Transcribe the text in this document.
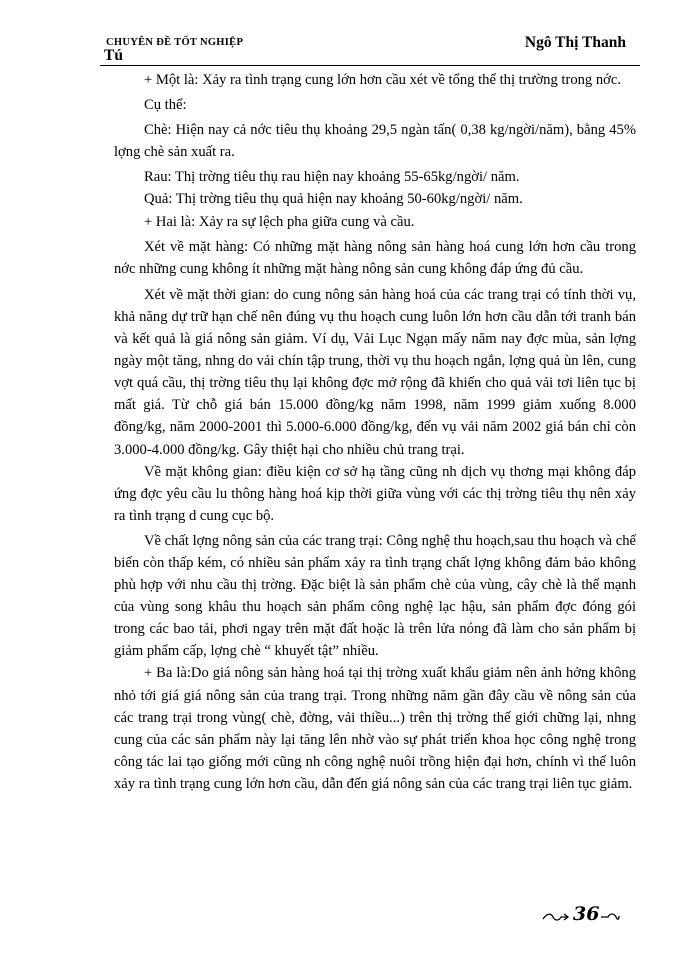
CHUYÊN ĐỀ TỐT NGHIỆP	Ngô Thị Thanh
Tú

+ Một là: Xảy ra tình trạng cung lớn hơn cầu xét về tổng thể thị trường trong nớc.

Cụ thể:

Chè: Hiện nay cả nớc tiêu thụ khoảng 29,5 ngàn tấn( 0,38 kg/ngời/năm), bằng 45% lợng chè sản xuất ra.

Rau: Thị trờng tiêu thụ rau hiện nay khoảng 55-65kg/ngời/ năm.

Quả: Thị trờng tiêu thụ quả hiện nay khoảng 50-60kg/ngời/ năm.

+ Hai là: Xảy ra sự lệch pha giữa cung và cầu.

Xét về mặt hàng: Có những mặt hàng nông sản hàng hoá cung lớn hơn cầu trong nớc những cung không ít những mặt hàng nông sản cung không đáp ứng đủ cầu.

Xét về mặt thời gian: do cung nông sản hàng hoá của các trang trại có tính thời vụ, khả năng dự trữ hạn chế nên đúng vụ thu hoạch cung luôn lớn hơn cầu dẫn tới tranh bán và kết quả là giá nông sản giảm. Ví dụ, Vải Lục Ngạn mấy năm nay đợc mùa, sản lợng ngày một tăng, nhng do vải chín tập trung, thời vụ thu hoạch ngắn, lợng quả ùn lên, cung vợt quá cầu, thị trờng tiêu thụ lại không đợc mở rộng đã khiến cho quả vải tơi liên tục bị mất giá. Từ chỗ giá bán 15.000 đồng/kg năm 1998, năm 1999 giảm xuống 8.000 đồng/kg, năm 2000-2001 thì 5.000-6.000 đồng/kg, đến vụ vải năm 2002 giá bán chỉ còn 3.000-4.000 đồng/kg. Gây thiệt hại cho nhiều chủ trang trại.

Về mặt không gian: điều kiện cơ sở hạ tầng cũng nh dịch vụ thơng mại không đáp ứng đợc yêu cầu lu thông hàng hoá kịp thời giữa vùng với các thị trờng tiêu thụ nên xảy ra tình trạng d cung cục bộ.

Về chất lợng nông sản của các trang trại: Công nghệ thu hoạch,sau thu hoạch và chế biến còn thấp kém, có nhiều sản phẩm xảy ra tình trạng chất lợng không đảm bảo không phù hợp với nhu cầu thị trờng. Đặc biệt là sản phẩm chè của vùng, cây chè là thế mạnh của vùng song khâu thu hoạch sản phẩm công nghệ lạc hậu, sản phẩm đợc đóng gói trong các bao tải, phơi ngay trên mặt đất hoặc là trên lửa nóng đã làm cho sản phẩm bị giảm phẩm cấp, lợng chè “ khuyết tật” nhiều.

+ Ba là:Do giá nông sản hàng hoá tại thị trờng xuất khẩu giảm nên ảnh hởng không nhỏ tới giá giá nông sản của trang trại. Trong những năm gần đây cầu về nông sản của các trang trại trong vùng( chè, đờng, vải thiều...) trên thị trờng thế giới chững lại, nhng cung của các sản phẩm này lại tăng lên nhờ vào sự phát triển khoa học công nghệ trong công tác lai tạo giống mới cũng nh công nghệ nuôi trồng hiện đại hơn, chính vì thế luôn xảy ra tình trạng cung lớn hơn cầu, dẫn đến giá nông sản của các trang trại liên tục giảm.

36
